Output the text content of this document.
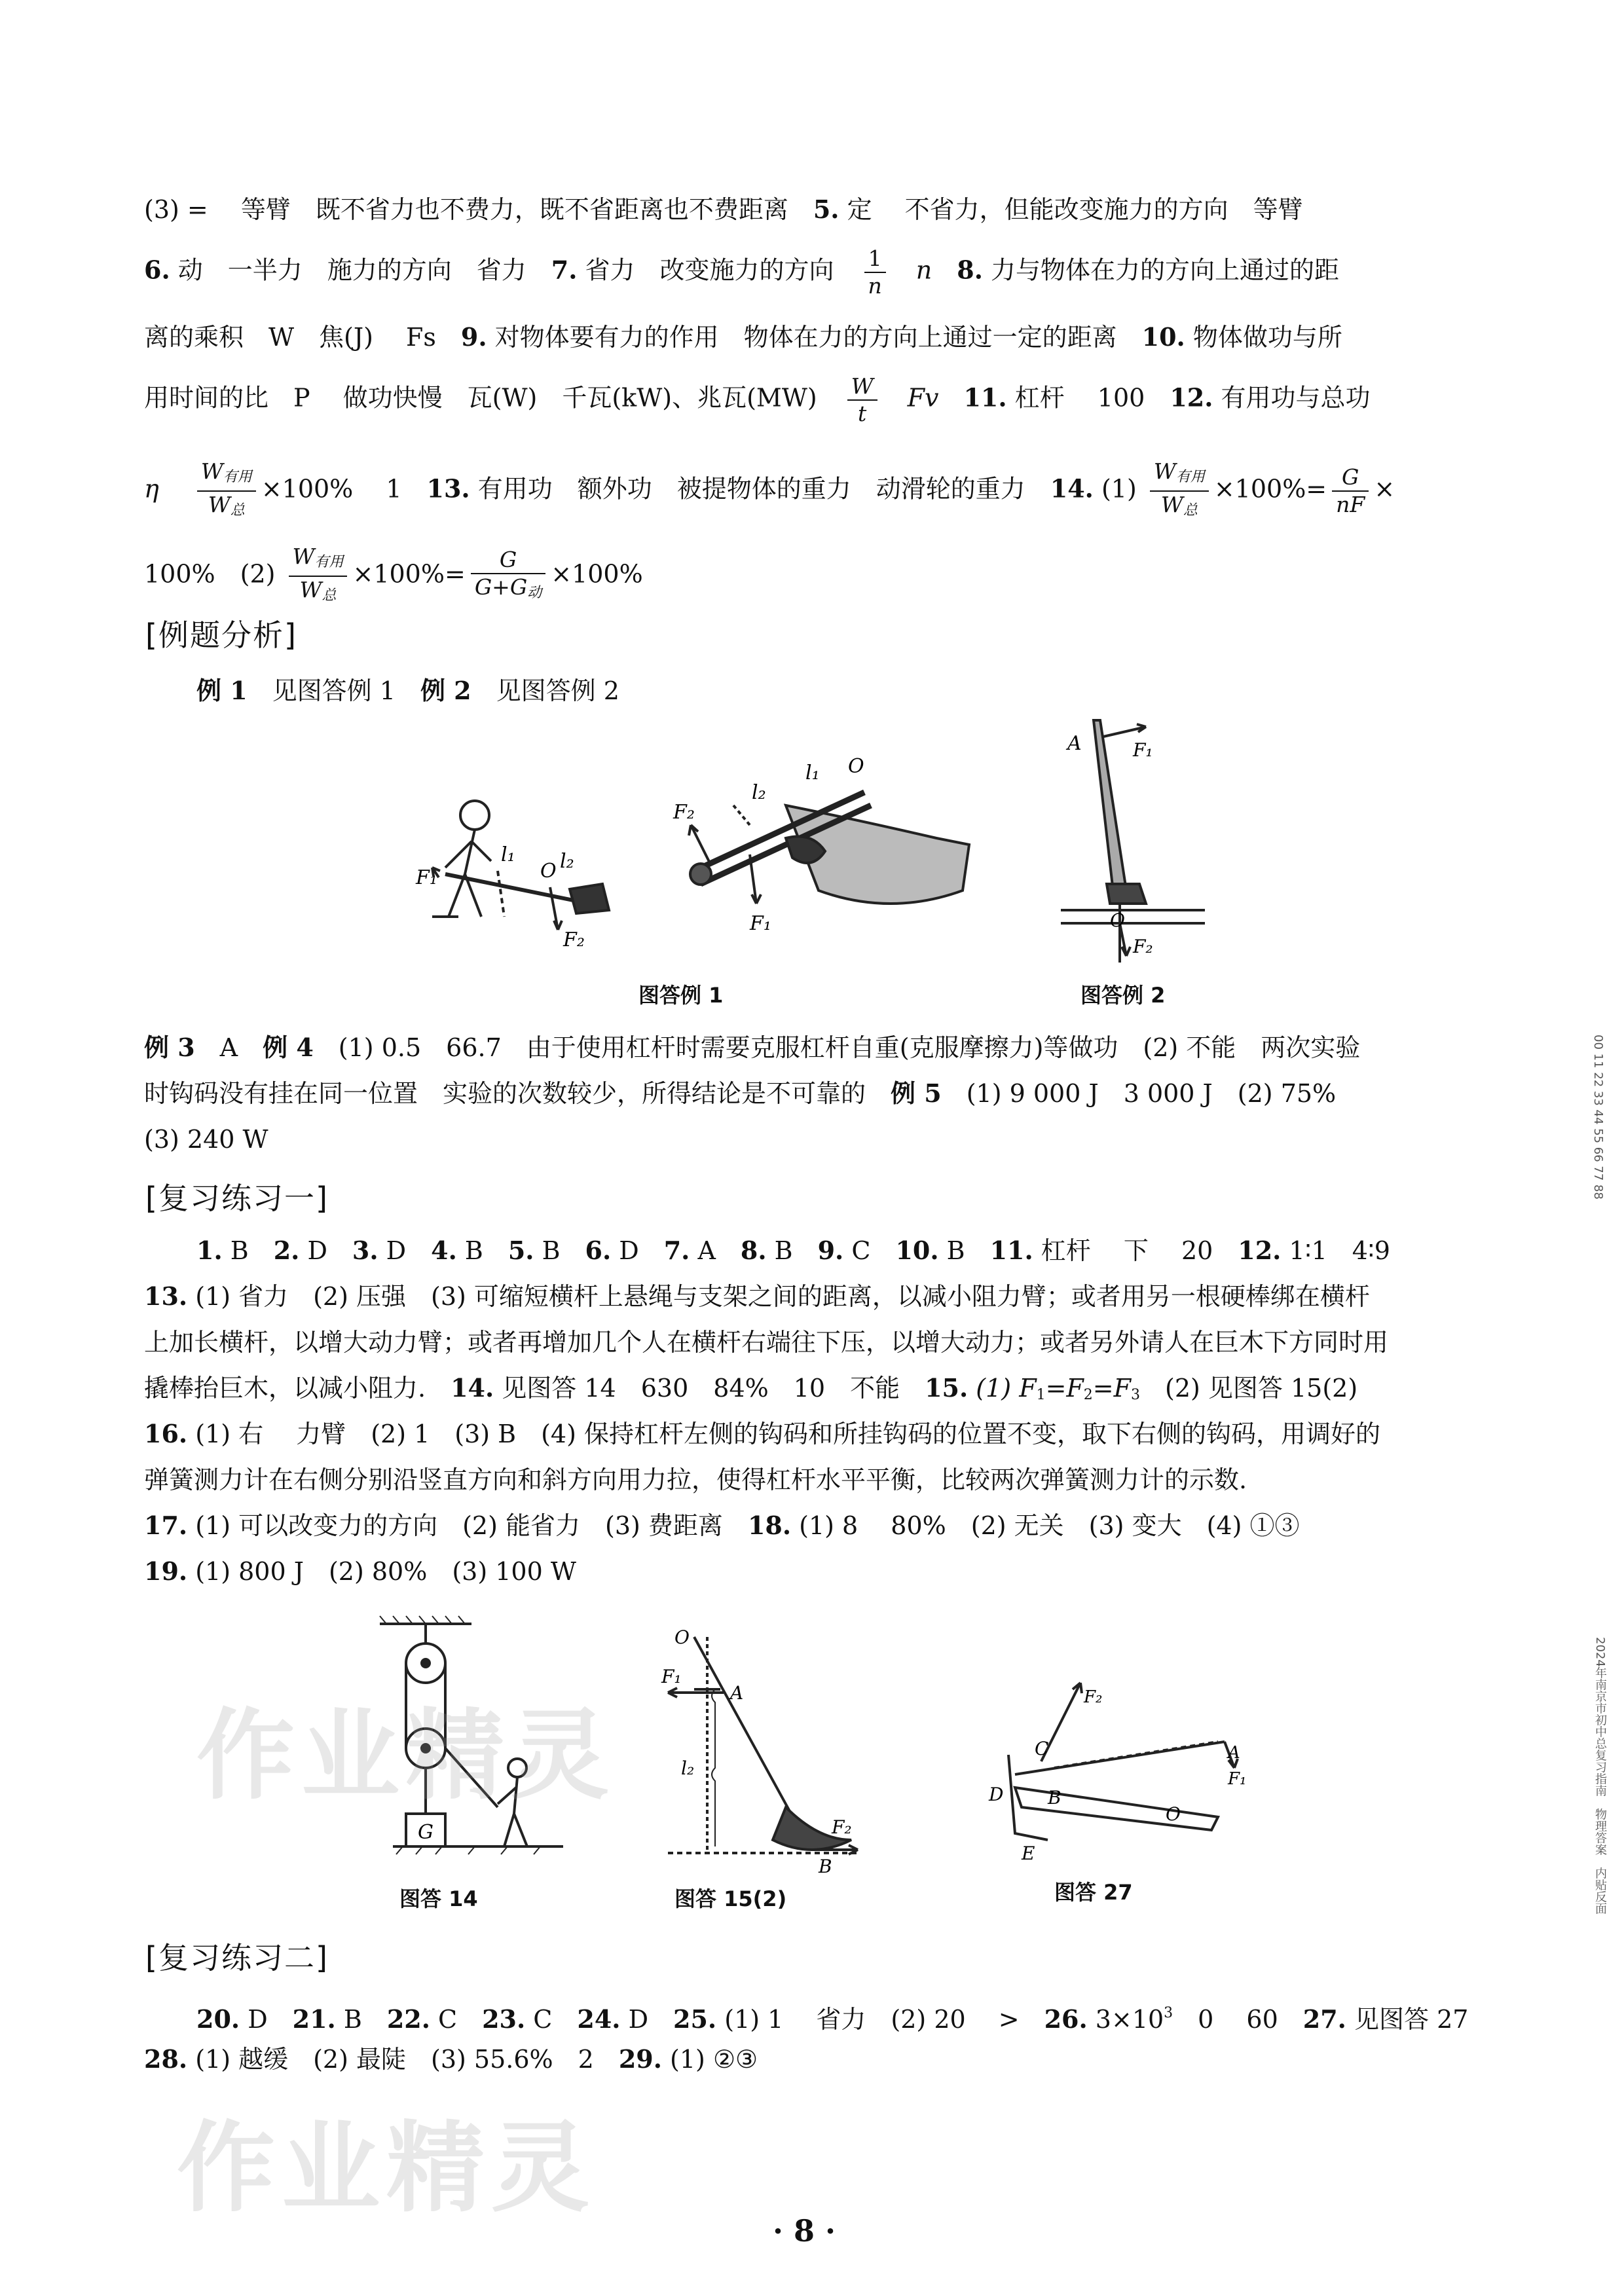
(3) =　 等臂　既不省力也不费力，既不省距离也不费距离　5. 定　 不省力，但能改变施力的方向　等臂
6. 动　一半力　施力的方向　省力　7. 省力　改变施力的方向　 $\frac{1}{n}$ 　n　8. 力与物体在力的方向上通过的距
离的乘积　W　焦(J)　 Fs　9. 对物体要有力的作用　物体在力的方向上通过一定的距离　10. 物体做功与所
用时间的比　P　 做功快慢　瓦(W)　千瓦(kW)、兆瓦(MW)　 $\frac{W}{t}$ 　Fv　11. 杠杆　 100　12. 有用功与总功
η　 $\frac{\text{W有用}}{\text{W总}} \times 100\%$　 1　13. 有用功　额外功　被提物体的重力　动滑轮的重力　14. $(1) \frac{\text{W有用}}{\text{W总}} \times 100\%= \frac{G}{nF}$ ×
100%　$(2) \frac{\text{W有用}}{\text{W总}} \times 100\%= \frac{G}{\text{G+G动}} \times 100\%$
[例题分析]
例 1　见图答例 1　例 2　见图答例 2
F₁
l₁
O l₂
F₂
F₂
F₁
l₂
l₁ O
A	F₁
O
F₂
图答例 1	图答例 2
例 3　A　例 4　(1) 0.5　66.7　由于使用杠杆时需要克服杠杆自重(克服摩擦力)等做功　(2) 不能　两次实验
时钩码没有挂在同一位置　实验的次数较少，所得结论是不可靠的　例 5　(1) 9 000 J　3 000 J　(2) 75%
(3) 240 W
[复习练习一]
1. B　2. D　3. D　4. B　5. B　6. D　7. A　8. B　9. C　10. B　11. 杠杆　 下　 20　12. 1∶1　4∶9
13. (1) 省力　(2) 压强　(3) 可缩短横杆上悬绳与支架之间的距离，以减小阻力臂；或者用另一根硬棒绑在横杆
上加长横杆，以增大动力臂；或者再增加几个人在横杆右端往下压，以增大动力；或者另外请人在巨木下方同时用
撬棒抬巨木，以减小阻力.　14. 见图答 14　630　84%　10　不能　15. (1) F1=F2=F3　(2) 见图答 15(2)
16. (1) 右　 力臂　(2) 1　(3) B　(4) 保持杠杆左侧的钩码和所挂钩码的位置不变，取下右侧的钩码，用调好的
弹簧测力计在右侧分别沿竖直方向和斜方向用力拉，使得杠杆水平平衡，比较两次弹簧测力计的示数.
17. (1) 可以改变力的方向　(2) 能省力　(3) 费距离　18. (1) 8　 80%　(2) 无关　(3) 变大　(4) ①③
19. (1) 800 J　(2) 80%　(3) 100 W
G
O
F₁
A
l₂
F₂
B
F₂
C
D B
E
O
A
F₁
图答 14	图答 15(2)	图答 27
[复习练习二]
20. D　21. B　22. C　23. C　24. D　25. (1) 1　 省力　(2) 20　 >　26. $3\times 10^3$　0　 60　27. 见图答 27
28. (1) 越缓　(2) 最陡　(3) 55.6%　2　29. (1) ②③
作业精灵
作业精灵
· 8 ·
00 11 22 33 44 55 66 77 88
2024年南京市初中总复习指南　物理答案　内贴反面
